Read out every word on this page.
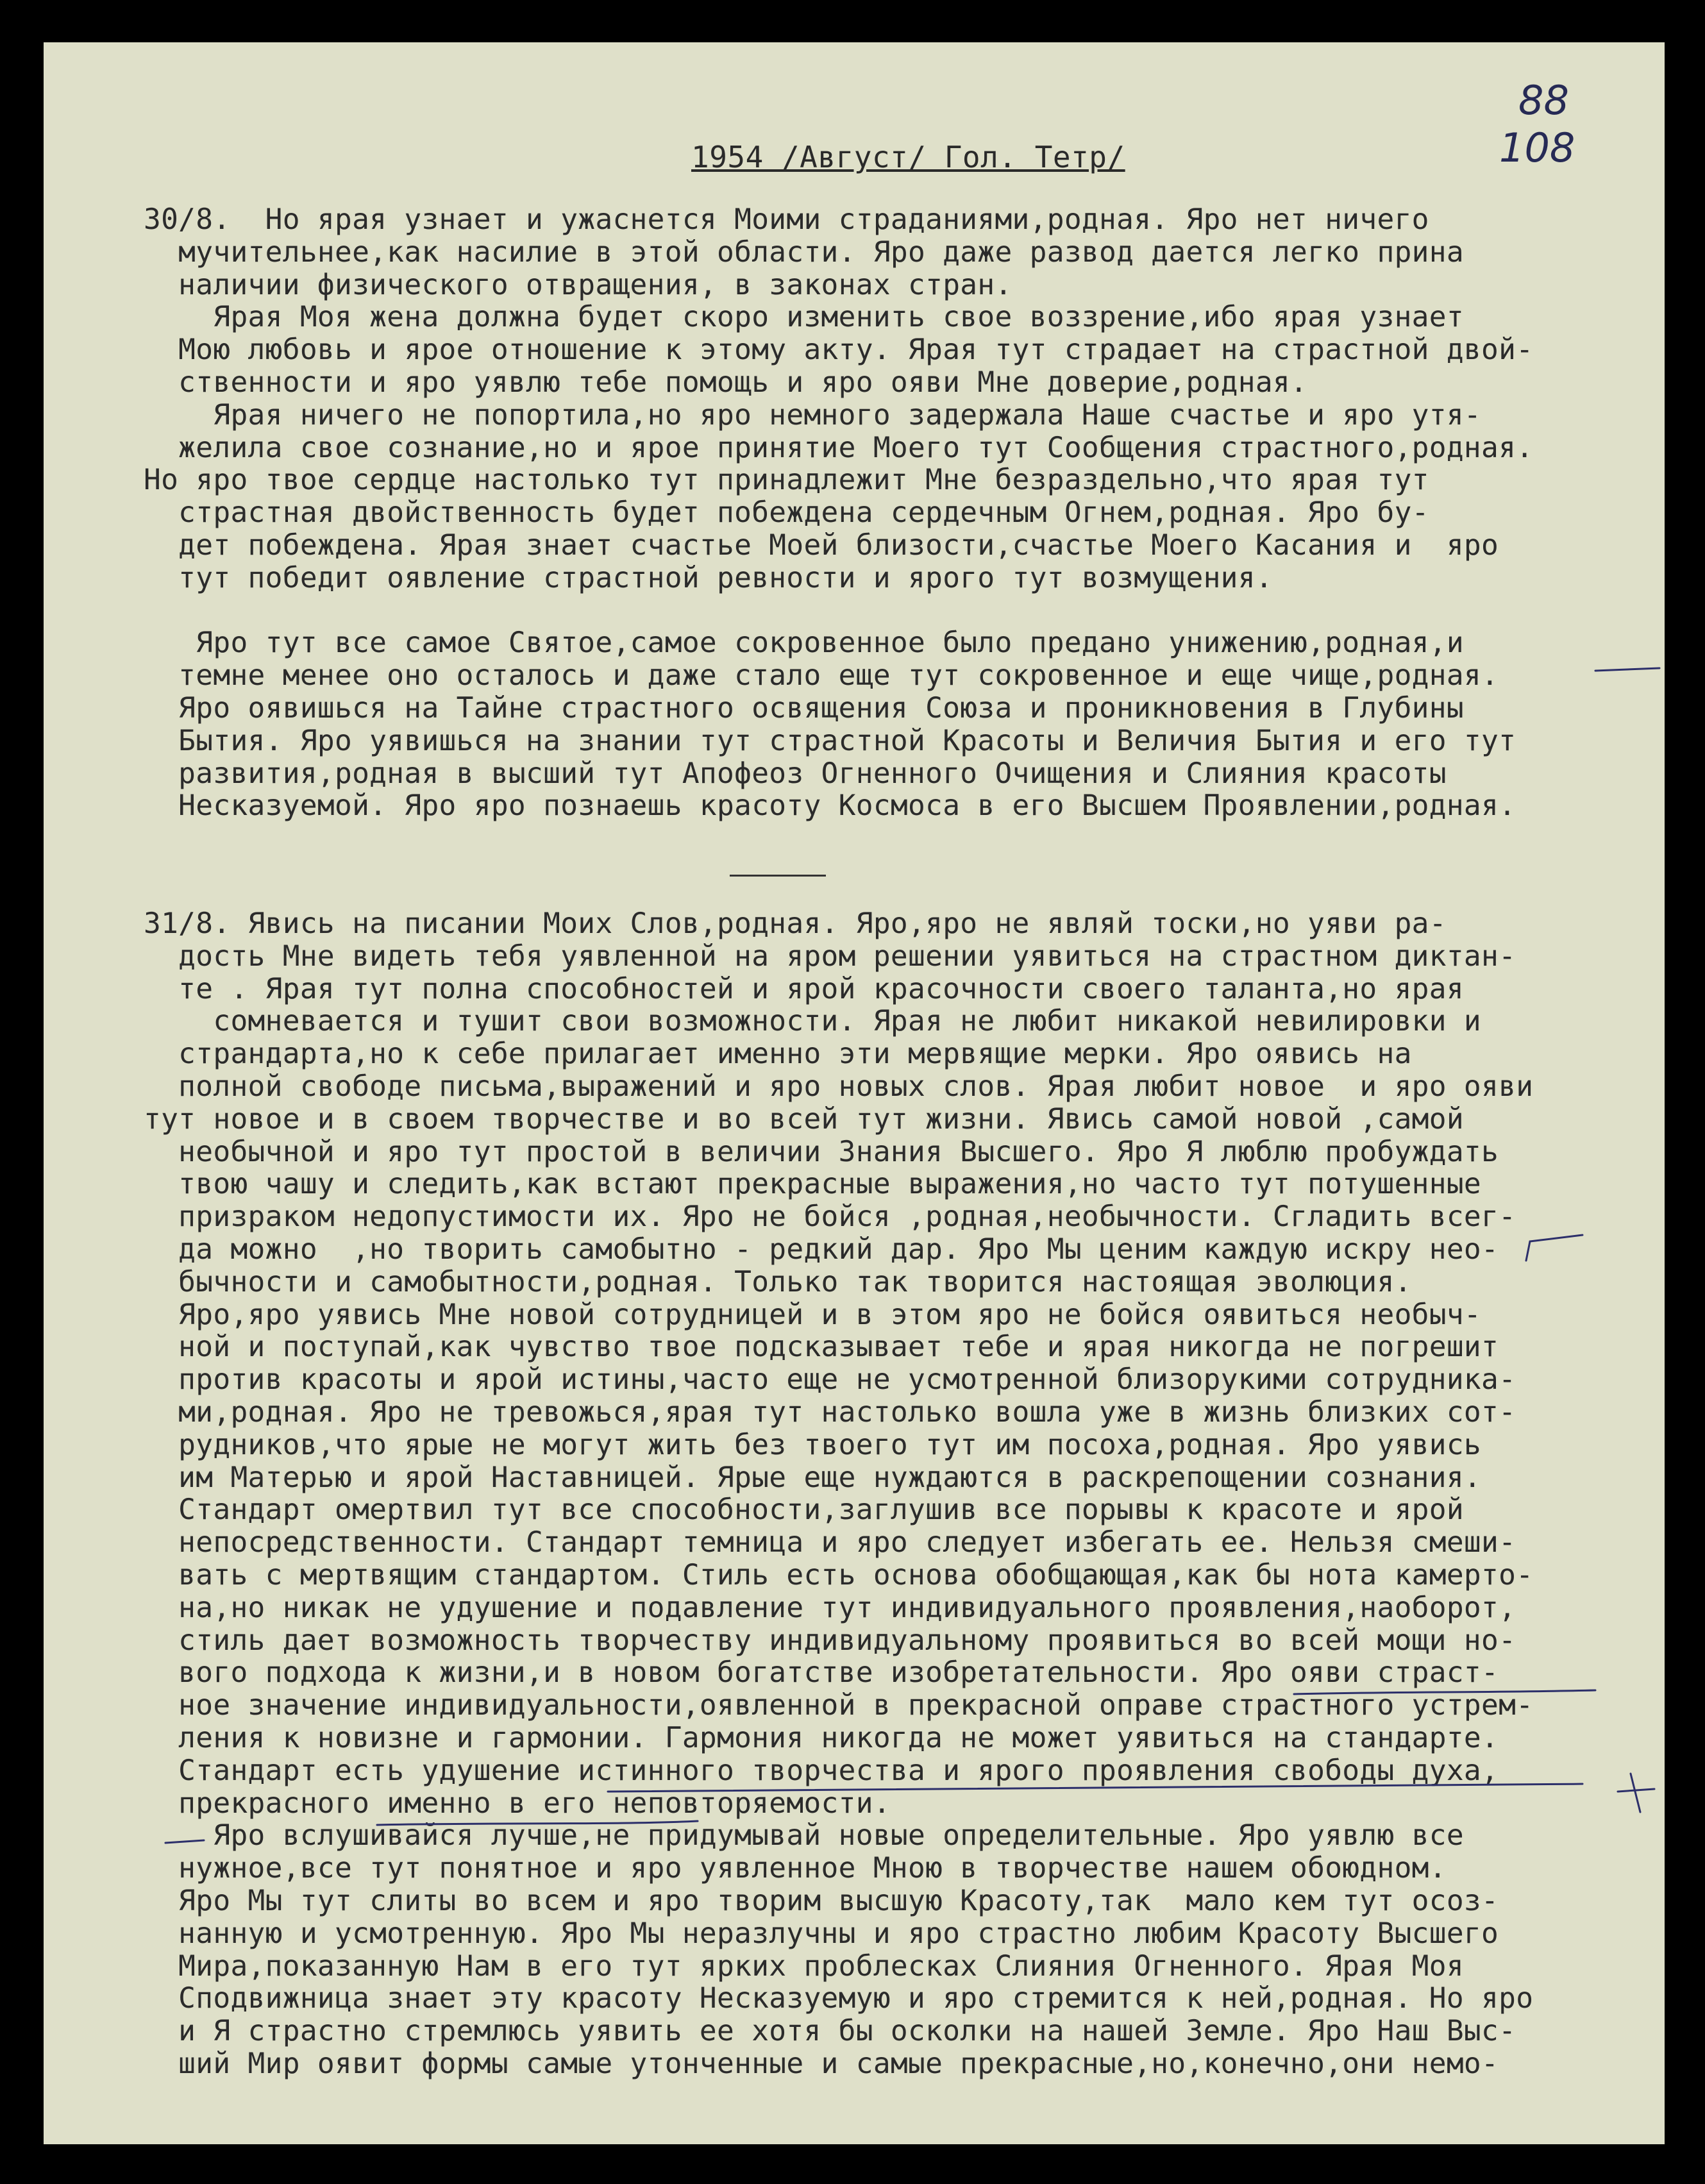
88
108
1954 /Август/ Гол. Тетр/
30/8.  Но ярая узнает и ужаснется Моими страданиями,родная. Яро нет ничего
мучительнее,как насилие в этой области. Яро даже развод дается легко прина
наличии физического отвращения, в законах стран.
Ярая Моя жена должна будет скоро изменить свое воззрение,ибо ярая узнает
Мою любовь и ярое отношение к этому акту. Ярая тут страдает на страстной двой-
ственности и яро уявлю тебе помощь и яро ояви Мне доверие,родная.
Ярая ничего не попортила,но яро немного задержала Наше счастье и яро утя-
желила свое сознание,но и ярое принятие Моего тут Сообщения страстного,родная.
Но яро твое сердце настолько тут принадлежит Мне безраздельно,что ярая тут
страстная двойственность будет побеждена сердечным Огнем,родная. Яро бу-
дет побеждена. Ярая знает счастье Моей близости,счастье Моего Касания и  яро
тут победит оявление страстной ревности и ярого тут возмущения.
Яро тут все самое Святое,самое сокровенное было предано унижению,родная,и
темне менее оно осталось и даже стало еще тут сокровенное и еще чище,родная.
Яро оявишься на Тайне страстного освящения Союза и проникновения в Глубины
Бытия. Яро уявишься на знании тут страстной Красоты и Величия Бытия и его тут
развития,родная в высший тут Апофеоз Огненного Очищения и Слияния красоты
Несказуемой. Яро яро познаешь красоту Космоса в его Высшем Проявлении,родная.
31/8. Явись на писании Моих Слов,родная. Яро,яро не являй тоски,но уяви ра-
дость Мне видеть тебя уявленной на яром решении уявиться на страстном диктан-
те . Ярая тут полна способностей и ярой красочности своего таланта,но ярая
сомневается и тушит свои возможности. Ярая не любит никакой невилировки и
страндарта,но к себе прилагает именно эти мервящие мерки. Яро оявись на
полной свободе письма,выражений и яро новых слов. Ярая любит новое  и яро ояви
тут новое и в своем творчестве и во всей тут жизни. Явись самой новой ,самой
необычной и яро тут простой в величии Знания Высшего. Яро Я люблю пробуждать
твою чашу и следить,как встают прекрасные выражения,но часто тут потушенные
призраком недопустимости их. Яро не бойся ,родная,необычности. Сгладить всег-
да можно  ,но творить самобытно - редкий дар. Яро Мы ценим каждую искру нео-
бычности и самобытности,родная. Только так творится настоящая эволюция.
Яро,яро уявись Мне новой сотрудницей и в этом яро не бойся оявиться необыч-
ной и поступай,как чувство твое подсказывает тебе и ярая никогда не погрешит
против красоты и ярой истины,часто еще не усмотренной близорукими сотрудника-
ми,родная. Яро не тревожься,ярая тут настолько вошла уже в жизнь близких сот-
рудников,что ярые не могут жить без твоего тут им посоха,родная. Яро уявись
им Матерью и ярой Наставницей. Ярые еще нуждаются в раскрепощении сознания.
Стандарт омертвил тут все способности,заглушив все порывы к красоте и ярой
непосредственности. Стандарт темница и яро следует избегать ее. Нельзя смеши-
вать с мертвящим стандартом. Стиль есть основа обобщающая,как бы нота камерто-
на,но никак не удушение и подавление тут индивидуального проявления,наоборот,
стиль дает возможность творчеству индивидуальному проявиться во всей мощи но-
вого подхода к жизни,и в новом богатстве изобретательности. Яро ояви страст-
ное значение индивидуальности,оявленной в прекрасной оправе страстного устрем-
ления к новизне и гармонии. Гармония никогда не может уявиться на стандарте.
Стандарт есть удушение истинного творчества и ярого проявления свободы духа,
прекрасного именно в его неповторяемости.
Яро вслушивайся лучше,не придумывай новые определительные. Яро уявлю все
нужное,все тут понятное и яро уявленное Мною в творчестве нашем обоюдном.
Яро Мы тут слиты во всем и яро творим высшую Красоту,так  мало кем тут осоз-
нанную и усмотренную. Яро Мы неразлучны и яро страстно любим Красоту Высшего
Мира,показанную Нам в его тут ярких проблесках Слияния Огненного. Ярая Моя
Сподвижница знает эту красоту Несказуемую и яро стремится к ней,родная. Но яро
и Я страстно стремлюсь уявить ее хотя бы осколки на нашей Земле. Яро Наш Выс-
ший Мир оявит формы самые утонченные и самые прекрасные,но,конечно,они немо-
